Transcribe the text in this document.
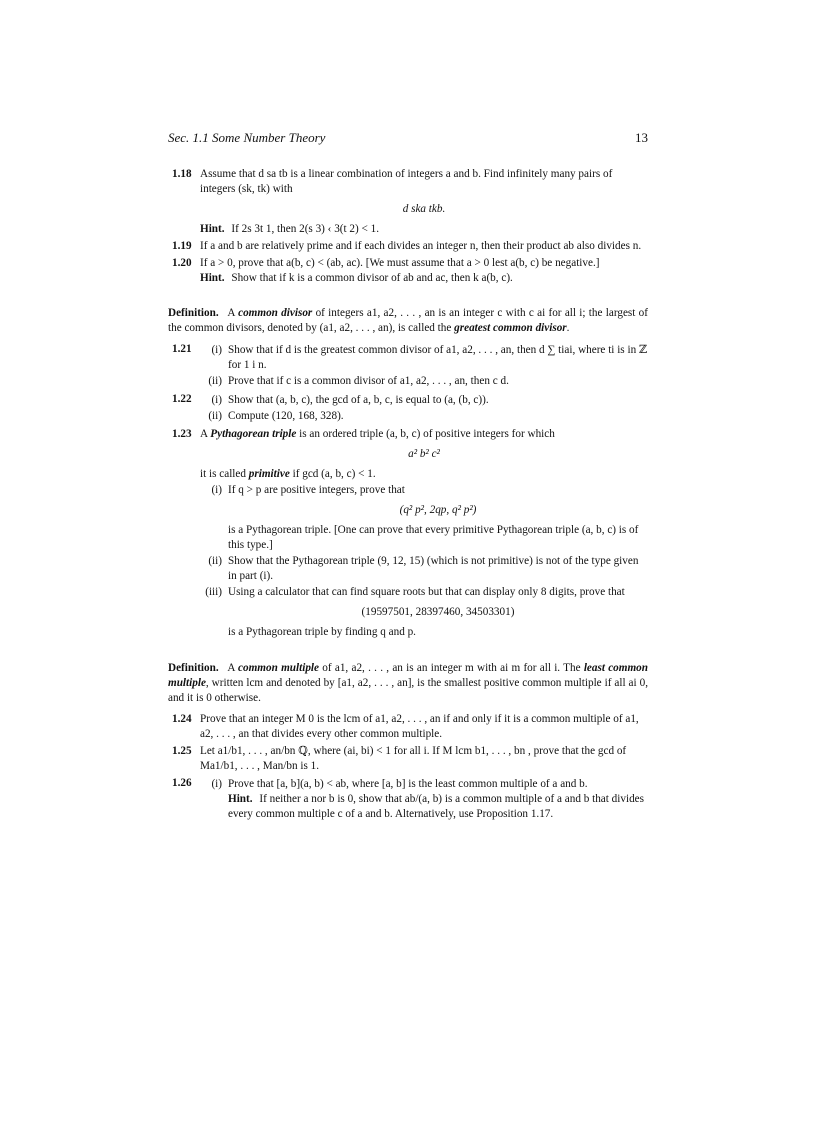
Sec. 1.1 Some Number Theory	13
1.18 Assume that d sa tb is a linear combination of integers a and b. Find infinitely many pairs of integers (sk, tk) with
d skа tkb.
Hint. If 2s 3t 1, then 2(s 3) ‹ 3(t 2) < 1.
1.19 If a and b are relatively prime and if each divides an integer n, then their product ab also divides n.
1.20 If a > 0, prove that a(b, c) < (ab, ac). [We must assume that a > 0 lest a(b, c) be negative.]
Hint. Show that if k is a common divisor of ab and ac, then k a(b, c).
Definition. A common divisor of integers a1, a2, . . . , an is an integer c with c ai for all i; the largest of the common divisors, denoted by (a1, a2, . . . , an), is called the greatest common divisor.
1.21	(i) Show that if d is the greatest common divisor of a1, a2, . . . , an, then d ∑ tiai, where ti is in ℤ for 1 i n.
(ii) Prove that if c is a common divisor of a1, a2, . . . , an, then c d.
1.22	(i) Show that (a, b, c), the gcd of a, b, c, is equal to (a, (b, c)).
(ii) Compute (120, 168, 328).
1.23 A Pythagorean triple is an ordered triple (a, b, c) of positive integers for which
a² b² c²
it is called primitive if gcd (a, b, c) < 1.
(i) If q > p are positive integers, prove that
(q² p², 2qp, q² p²)
is a Pythagorean triple. [One can prove that every primitive Pythagorean triple (a, b, c) is of this type.]
(ii) Show that the Pythagorean triple (9, 12, 15) (which is not primitive) is not of the type given in part (i).
(iii) Using a calculator that can find square roots but that can display only 8 digits, prove that
(19597501, 28397460, 34503301)
is a Pythagorean triple by finding q and p.
Definition. A common multiple of a1, a2, . . . , an is an integer m with ai m for all i. The least common multiple, written lcm and denoted by [a1, a2, . . . , an], is the smallest positive common multiple if all ai 0, and it is 0 otherwise.
1.24 Prove that an integer M 0 is the lcm of a1, a2, . . . , an if and only if it is a common multiple of a1, a2, . . . , an that divides every other common multiple.
1.25 Let a1/b1, . . . , an/bn ℚ, where (ai, bi) < 1 for all i. If M lcm b1, . . . , bn , prove that the gcd of Ma1/b1, . . . , Man/bn is 1.
1.26	(i) Prove that [a, b](a, b) < ab, where [a, b] is the least common multiple of a and b.
Hint. If neither a nor b is 0, show that ab/(a, b) is a common multiple of a and b that divides every common multiple c of a and b. Alternatively, use Proposition 1.17.
